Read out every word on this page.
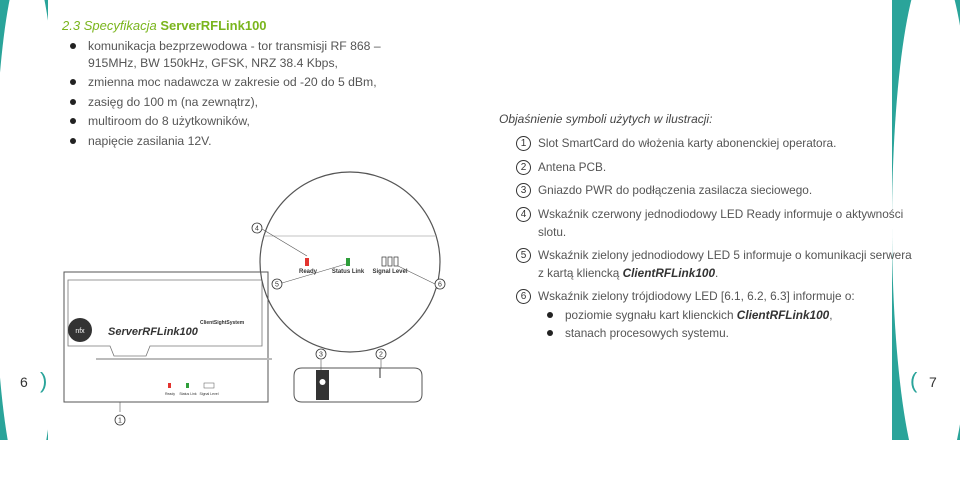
2.3 Specyfikacja ServerRFLink100
komunikacja bezprzewodowa - tor transmisji RF 868 – 915MHz, BW 150kHz, GFSK, NRZ 38.4 Kbps,
zmienna moc nadawcza w zakresie od -20 do 5 dBm,
zasięg do 100 m (na zewnątrz),
multiroom do 8 użytkowników,
napięcie zasilania 12V.
nfx ServerRFLink100
ClientSightSystem
Ready Status Link Signal Level
1
Ready Status Link Signal Level
4
5	6
3	2
Objaśnienie symboli użytych w ilustracji:
1 Slot SmartCard do włożenia karty abonenckiej operatora.
2 Antena PCB.
3 Gniazdo PWR do podłączenia zasilacza sieciowego.
4 Wskaźnik czerwony jednodiodowy LED Ready informuje o aktywności slotu.
5 Wskaźnik zielony jednodiodowy LED 5 informuje o komunikacji serwera z kartą kliencką ClientRFLink100.
6 Wskaźnik zielony trójdiodowy LED [6.1, 6.2, 6.3] informuje o:
poziomie sygnału kart klienckich ClientRFLink100,
stanach procesowych systemu.
6 )	( 7
